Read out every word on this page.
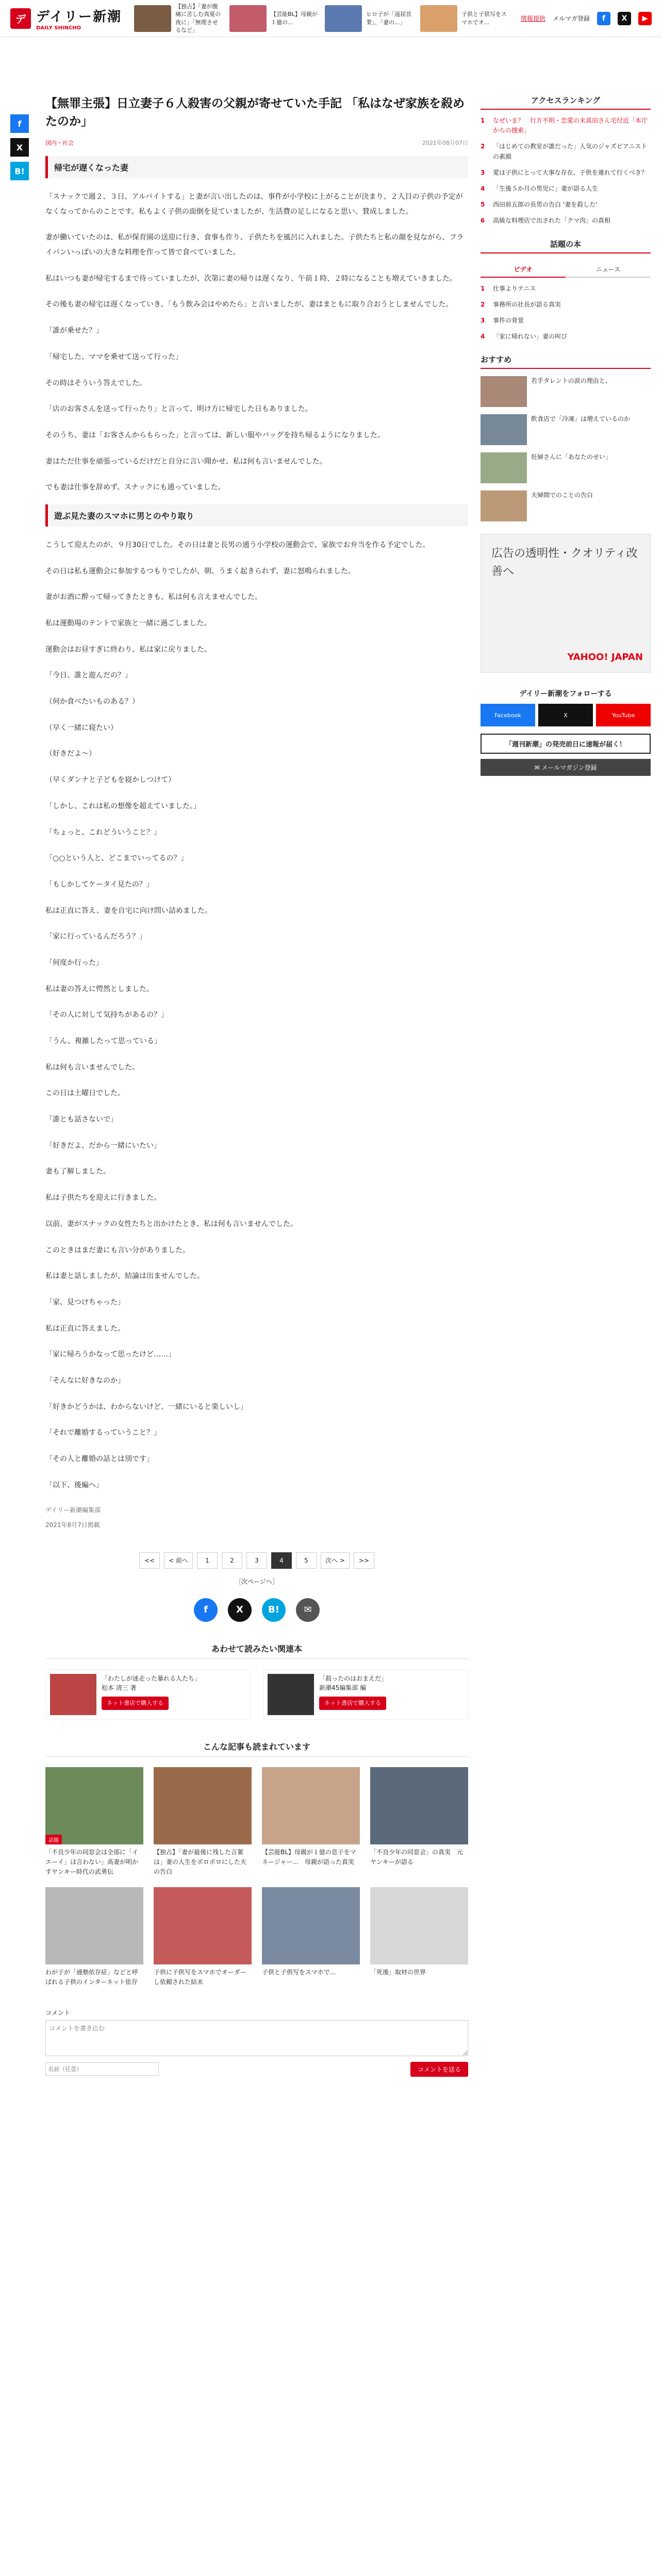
デ デイリー新潮
DAILY SHINCHO
【独占】「妻が腹痛に苦しむ真夏の夜に」「無理させるなど」
【芸能BL】母親が１億の...
ヒロ子が「退屈営業」、「妻の...」
子供と子供写をスマホでオ...	情報提供 メルマガ登録	f	X	▶
f
X
B!
【無罪主張】日立妻子６人殺害の父親が寄せていた手記 「私はなぜ家族を殺めたのか」
国内・社会	2021年08月07日
帰宅が遅くなった妻

「スナックで週２、３日、アルバイトする」と妻が言い出したのは、事件が小学校に上がることが決まり、２人目の子供の予定がなくなってからのことです。私もよく子供の面倒を見ていましたが、生活費の足しになると思い、賛成しました。

妻が働いていたのは、私が保育園の送迎に行き、食事も作り、子供たちを風呂に入れました。子供たちと私の顔を見ながら、フライパンいっぱいの大きな料理を作って皆で食べていました。

私はいつも妻が帰宅するまで待っていましたが、次第に妻の帰りは遅くなり、午前１時、２時になることも増えていきました。

その後も妻の帰宅は遅くなっていき、「もう飲み会はやめたら」と言いましたが、妻はまともに取り合おうとしませんでした。

「誰が乗せた？」

「帰宅した、ママを乗せて送って行った」

その時はそういう答えでした。

「店のお客さんを送って行ったり」と言って、明け方に帰宅した日もありました。

そのうち、妻は「お客さんからもらった」と言っては、新しい服やバッグを持ち帰るようになりました。

妻はただ仕事を頑張っているだけだと自分に言い聞かせ、私は何も言いませんでした。

でも妻は仕事を辞めず、スナックにも通っていました。

遊ぶ見た妻のスマホに男とのやり取り

こうして迎えたのが、９月30日でした。その日は妻と長男の通う小学校の運動会で、家族でお弁当を作る予定でした。

その日は私も運動会に参加するつもりでしたが、朝、うまく起きられず、妻に怒鳴られました。

妻がお酒に酔って帰ってきたときも、私は何も言えませんでした。

私は運動場のテントで家族と一緒に過ごしました。

運動会はお昼すぎに終わり、私は家に戻りました。

「今日、誰と遊んだの？」

（何か食べたいものある？）

（早く一緒に寝たい）

（好きだよ～）

（早くダンナと子どもを寝かしつけて）

「しかし、これは私の想像を超えていました。」

「ちょっと、これどういうこと？」

「○○という人と、どこまでいってるの？」

「もしかしてケータイ見たの？」

私は正直に答え、妻を自宅に向け問い詰めました。

「家に行っているんだろう？」

「何度か行った」

私は妻の答えに愕然としました。

「その人に対して気持ちがあるの？」

「うん、複雑したって思っている」

私は何も言いませんでした。

この日は土曜日でした。

「誰とも話さないで」

「好きだよ、だから一緒にいたい」

妻も了解しました。

私は子供たちを迎えに行きました。

以前、妻がスナックの女性たちと出かけたとき、私は何も言いませんでした。

このときはまだ妻にも言い分がありました。

私は妻と話しましたが、結論は出ませんでした。

「家、見つけちゃった」

私は正直に答えました。

「家に帰ろうかなって思ったけど……」

「そんなに好きなのか」

「好きかどうかは、わからないけど、一緒にいると楽しいし」

「それで離婚するっていうこと？」

「その人と離婚の話とは別です」

「以下、後編へ」

デイリー新潮編集部

2021年8月7日掲載

<<	< 前へ	1	2	3	4	5	次へ >	>>
［次ページへ］
f	X	B!	✉
あわせて読みたい関連本
「わたしが迷走った暴れる人たち」
松本 清三 著
ネット書店で購入する
「殺ったのはおまえだ」
新潮45編集部 編
ネット書店で購入する
こんな記事も読まれています
話題
「不良少年の同窓会は全部に「イエーイ」は言わない」高妻が明かすヤンキー時代の武勇伝
【独占】「妻が最後に残した言葉は」妻の人生をボロボロにした夫の告白
【芸能BL】母親が１億の息子をマネージャー...　母親が語った真実
「不良少年の同窓会」の真実　元ヤンキーが語る
わが子が「通塾依存症」などと呼ばれる子供のインターネット依存
子供に子供写をスマホでオーダーし依頼された結末
子供と子供写をスマホで...	「死後」取材の世界
コメント
コメントを書き込む
名前（任意）
コメントを送る
アクセスランキング
1	なぜいま？　行方不明・恋愛の未真田さん宅付近「本庁からの捜索」
2	「はじめての教室が誰だった」人気のジャズピアニストの素顔
3	愛は子供にとって大事な存在、子供を連れて行くべき？
4	「生後５か月の男児に」妻が語る人生
5	西田前五郎の長男の告白 '妻を殺した'
6	高級な料理店で出された「クマ肉」の真相
話題の本
ビデオ	ニュース
1	仕事よりテニス
2	事務所の社長が語る真実
3	事件の背景
4	「家に帰れない」妻の叫び
おすすめ
若手タレントの涙の理由と、
飲食店で「冷凍」は増えているのか
妊婦さんに「あなたのせい」
夫婦間でのことの告白
広告の透明性・クオリティ改善へ
YAHOO! JAPAN
デイリー新潮をフォローする
Facebook	X	YouTube
「週刊新潮」の発売前日に速報が届く！
✉ メールマガジン登録
